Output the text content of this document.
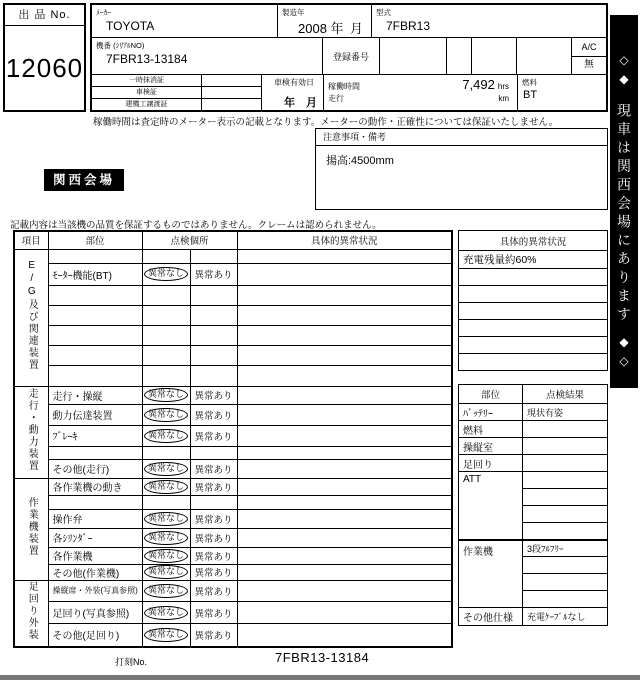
出 品 No.
12060
ﾒｰｶｰ
TOYOTA
製造年
2008 年 月
型式
7FBR13
機番 (ｼﾘｱﾙNO)
7FBR13-13184	登録番号
A/C
無
一時抹消証
車検証
建機工譲渡証
車検有効日
年 月
稼働時間	7,492 hrs
走行	km
燃料
BT
稼働時間は査定時のメーター表示の記載となります。メーターの動作・正確性については保証いたしません。
注意事項・備考
揚高:4500mm
関西会場
◇◆
現車は関西会場にあります
◆◇
記載内容は当該機の品質を保証するものではありません。クレームは認められません。
項目	部位	点検個所		具体的異常状況
E/G及び関連装置				
	ﾓｰﾀｰ機能(BT)	異常なし	異常あり	

走行・動力装置	走行・操縦	異常なし	異常あり	
	動力伝達装置	異常なし	異常あり	
	ﾌﾞﾚｰｷ	異常なし	異常あり	

	その他(走行)	異常なし	異常あり	
作業機装置	各作業機の動き	異常なし	異常あり	

	操作弁	異常なし	異常あり	
	各ｼﾘﾝﾀﾞｰ	異常なし	異常あり	
	各作業機	異常なし	異常あり	
	その他(作業機)	異常なし	異常あり	
足回り外装	操縦席・外装(写真参照)	異常なし	異常あり	
	足回り(写真参照)	異常なし	異常あり	
	その他(足回り)	異常なし	異常あり	
具体的異常状況
充電残量約60%

部位	点検結果
ﾊﾞｯﾃﾘｰ	現状有姿
燃料	
操縦室	
足回り	
ATT	

作業機	3段ﾌﾙﾌﾘｰ

その他仕様	充電ｹｰﾌﾞﾙなし
打刻No.	7FBR13-13184
